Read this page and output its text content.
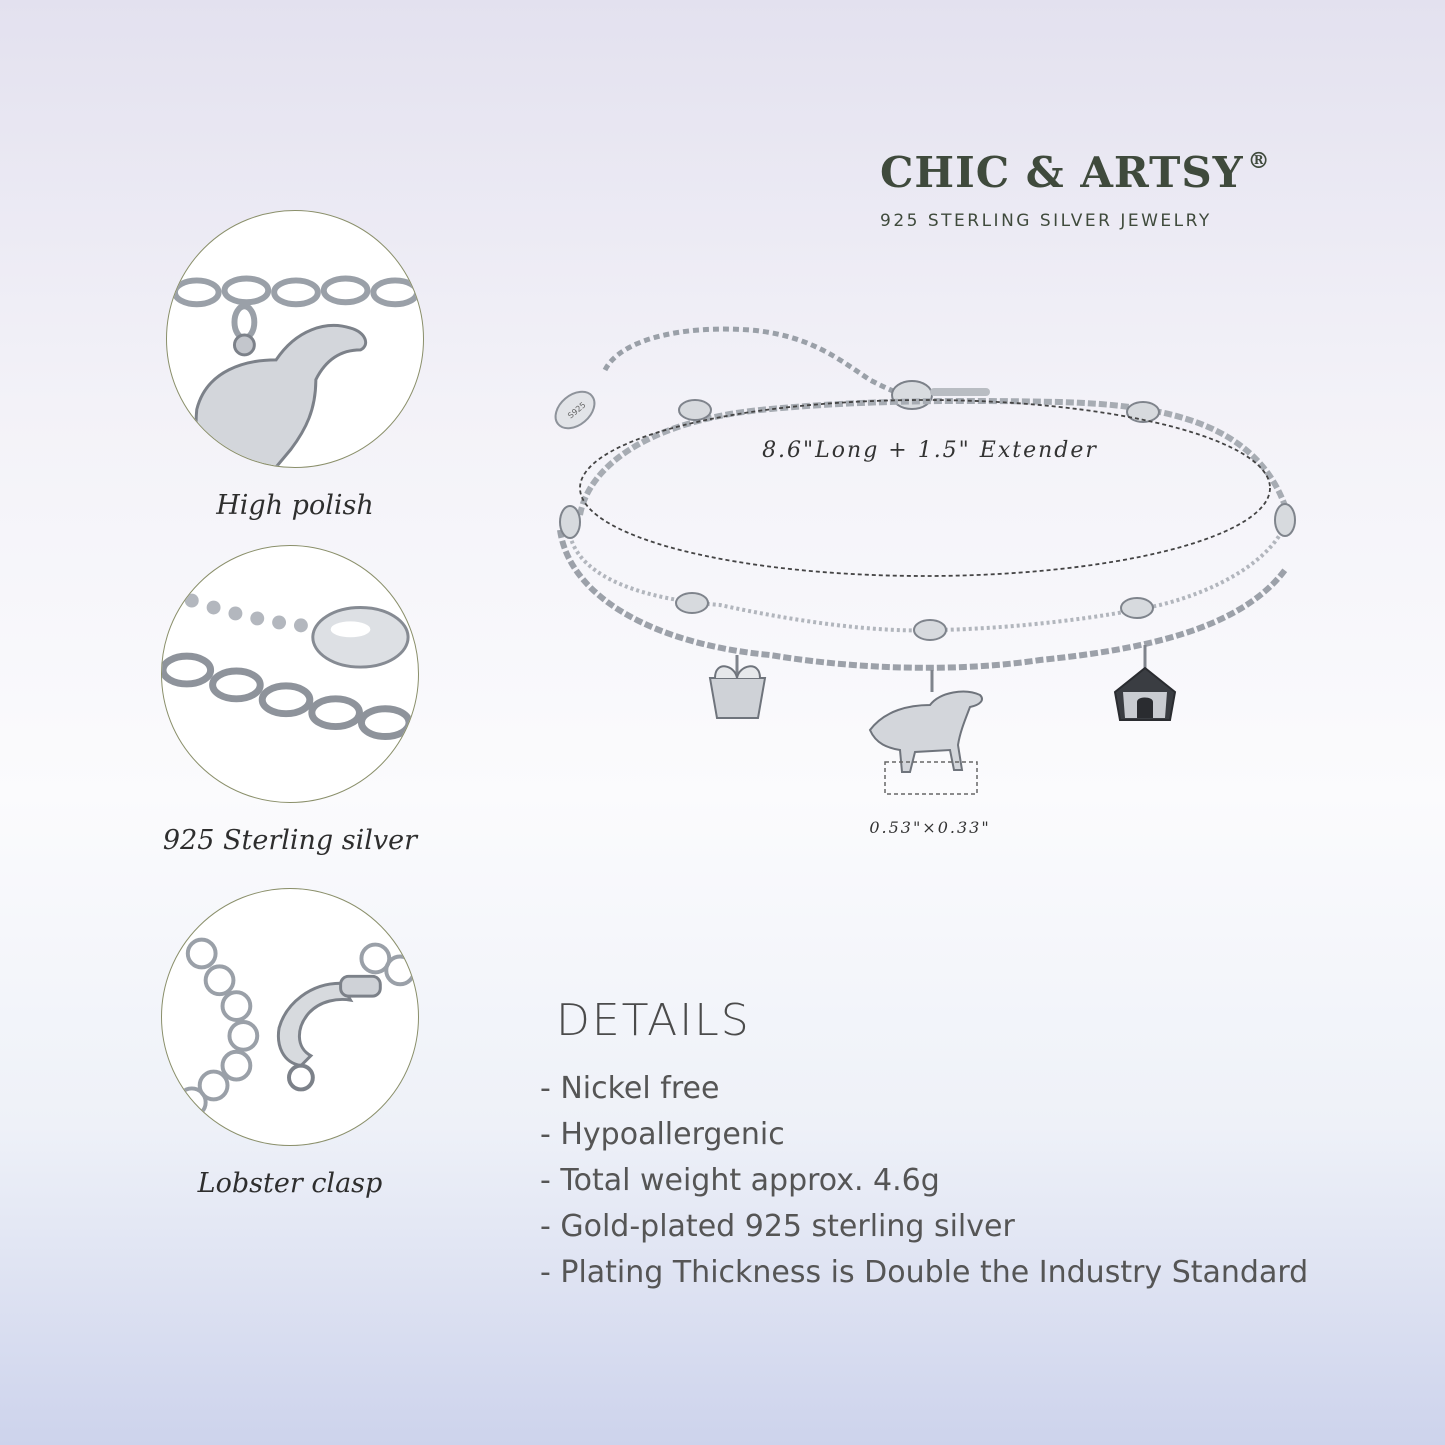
CHIC & ARTSY ®
925 STERLING SILVER JEWELRY
High polish
925 Sterling silver
Lobster clasp
S925
8.6"Long + 1.5" Extender
0.53"×0.33"
DETAILS
- Nickel free
- Hypoallergenic
- Total weight approx. 4.6g
- Gold-plated 925 sterling silver
- Plating Thickness is Double the Industry Standard
